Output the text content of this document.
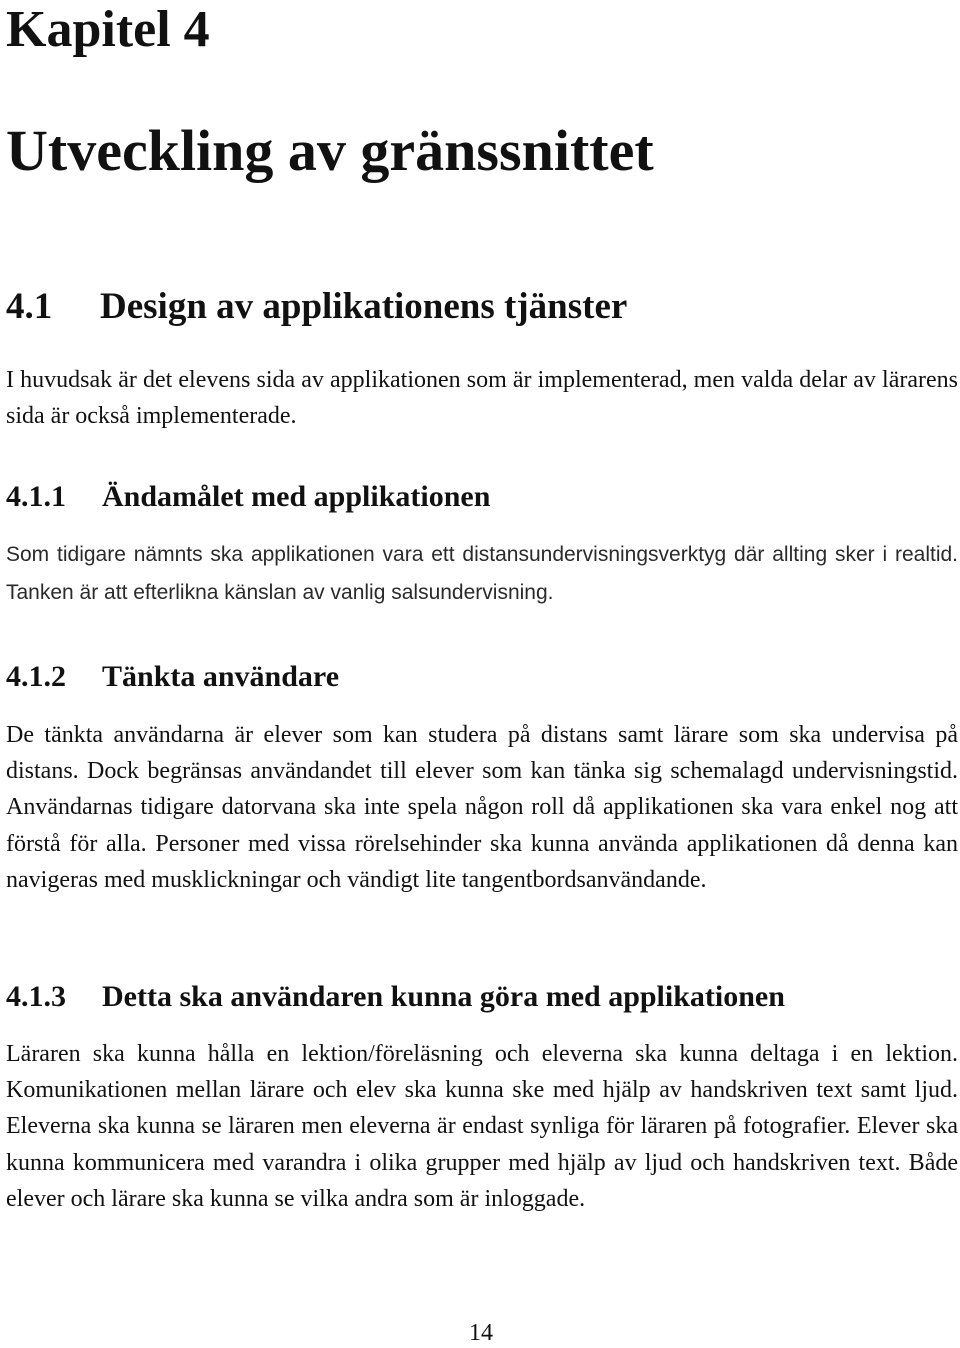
Kapitel 4
Utveckling av gränssnittet
4.1 Design av applikationens tjänster

I huvudsak är det elevens sida av applikationen som är implementerad, men valda delar av lärarens sida är också implementerade.

4.1.1 Ändamålet med applikationen

Som tidigare nämnts ska applikationen vara ett distansundervisningsverktyg där allting sker i realtid. Tanken är att efterlikna känslan av vanlig salsundervisning.

4.1.2 Tänkta användare

De tänkta användarna är elever som kan studera på distans samt lärare som ska undervisa på distans. Dock begränsas användandet till elever som kan tänka sig schemalagd undervisningstid. Användarnas tidigare datorvana ska inte spela någon roll då applikationen ska vara enkel nog att förstå för alla. Personer med vissa rörelsehinder ska kunna använda applikationen då denna kan navigeras med musklickningar och vändigt lite tangentbordsanvändande.

4.1.3 Detta ska användaren kunna göra med applikationen

Läraren ska kunna hålla en lektion/föreläsning och eleverna ska kunna deltaga i en lektion. Komunikationen mellan lärare och elev ska kunna ske med hjälp av handskriven text samt ljud. Eleverna ska kunna se läraren men eleverna är endast synliga för läraren på fotografier. Elever ska kunna kommunicera med varandra i olika grupper med hjälp av ljud och handskriven text. Både elever och lärare ska kunna se vilka andra som är inloggade.

14
